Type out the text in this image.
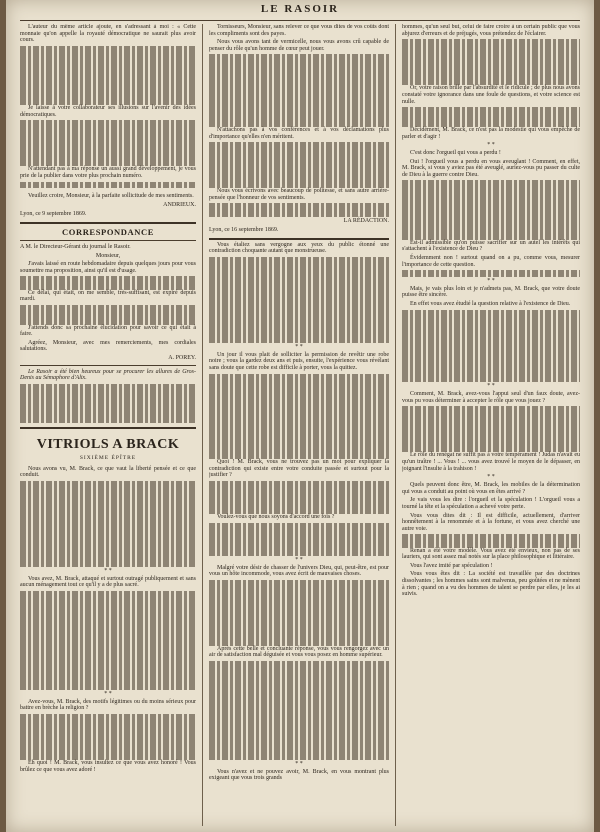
LE RASOIR

L'auteur du même article ajoute, en s'adressant à moi : « Cette monnaie qu'on appelle la royauté démocratique ne saurait plus avoir cours.

Je laisse à votre collaborateur ses illusions sur l'avenir des idées démocratiques.

N'attendant pas à ma réponse un aussi grand développement, je vous prie de la publier dans votre plus prochain numéro.

Veuillez croire, Monsieur, à la parfaite sollicitude de mes sentiments.

ANDRIEUX.
Lyon, ce 9 septembre 1869.
CORRESPONDANCE
A M. le Directeur-Gérant du journal le Rasoir.
Monsieur,

J'avais laissé en route hebdomadaire depuis quelques jours pour vous soumettre ma proposition, ainsi qu'il est d'usage.

Ce délai, qui était, on me semble, très-suffisant, est expiré depuis mardi.

J'attends donc sa prochaine élucidation pour savoir ce qui était à faire.

Agréez, Monsieur, avec mes remerciements, mes cordiales salutations.

A. POREY.

Le Rasoir a été bien heureux pour se procurer les allures de Gros-Denis au Sémaphore d'Alix.

VITRIOLS A BRACK
SIXIÈME ÉPÎTRE

Nous avons vu, M. Brack, ce que vaut la liberté pensée et ce que conduit.

* *

Vous avez, M. Brack, attaqué et surtout outragé publiquement et sans aucun ménagement tout ce qu'il y a de plus sacré.

* *

Avez-vous, M. Brack, des motifs légitimes ou du moins sérieux pour battre en brèche la religion ?

Eh quoi ! M. Brack, vous insultez ce que vous avez honoré ! Vous brûlez ce que vous avez adoré !

Tornisseurs, Monsieur, sans relever ce que vous dites de vos coûts dont les compliments sont des payes.

Nous vous avons tant de vermicelle, nous vous avons crû capable de penser du rôle qu'un homme de cœur peut jouer.

N'attachons pas à vos conférences et à vos déclamations plus d'importance qu'elles n'en méritent.

Nous vous écrivons avec beaucoup de politesse, et sans autre arrière-pensée que l'honneur de vos sentiments.

LA RÉDACTION.
Lyon, ce 16 septembre 1869.

Vous étaliez sans vergogne aux yeux du public étonné une contradiction choquante autant que monstrueuse.

* *

Un jour il vous plait de solliciter la permission de revêtir une robe noire ; vous la gardez deux ans et puis, ensuite, l'expérience vous révélant sans doute que cette robe est difficile à porter, vous la quittez.

Quoi ! M. Brack, vous ne trouvez pas un mot pour expliquer la contradiction qui existe entre votre conduite passée et surtout pour la justifier ?

Voulez-vous que nous soyons d'accord une fois ?

* *

Malgré votre désir de chasser de l'univers Dieu, qui, peut-être, est pour vous un hôte incommode, vous avez écrit de mauvaises choses.

Après cette belle et concluante réponse, vous vous rengorgez avec un air de satisfaction mal déguisée et vous vous posez en homme supérieur.

* *

Vous n'avez et ne pouvez avoir, M. Brack, en vous montrant plus exigeant que vous trois grands

hommes, qu'un seul but, celui de faire croire à un certain public que vous abjurez d'erreurs et de préjugés, vous prétendez de l'éclairer.

Or, votre raison brille par l'absurdité et le ridicule ; de plus nous avons constaté votre ignorance dans une foule de questions, et votre science est nulle.

Décidément, M. Brack, ce n'est pas la modestie qui vous empêche de parler et d'agir !

* *

C'est donc l'orgueil qui vous a perdu !

Oui ! l'orgueil vous a perdu en vous aveuglant ! Comment, en effet, M. Brack, si vous y aviez pas été aveuglé, auriez-vous pu passer du culte de Dieu à la guerre contre Dieu.

Est-il admissible qu'on puisse sacrifier sur un autel les intérêts qui s'attachent à l'existence de Dieu ?

Évidemment non ! surtout quand on a pu, comme vous, mesurer l'importance de cette question.

* *

Mais, je vais plus loin et je n'admets pas, M. Brack, que votre doute puisse être sincère.

En effet vous avez étudié la question relative à l'existence de Dieu.

* *

Comment, M. Brack, avez-vous l'appui seul d'un faux doute, avez-vous pu vous déterminer à accepter le rôle que vous jouez ?

Le rôle du renégat ne suffit pas à votre tempérament ! Judas n'avait eu qu'un traître ! ... Vous ! ... vous avez trouvé le moyen de le dépasser, en joignant l'insulte à la trahison !

* *

Quels peuvent donc être, M. Brack, les mobiles de la détermination qui vous a conduit au point où vous en êtes arrivé ?

Je vais vous les dire : l'orgueil et la spéculation ! L'orgueil vous a tourné la tête et la spéculation a achevé votre perte.

Vous vous dites dit : Il est difficile, actuellement, d'arriver honnêtement à la renommée et à la fortune, et vous avez cherché une autre voie.

Renan a été votre modèle. Vous avez été envieux, non pas de ses lauriers, qui sont assez mal notés sur la place philosophique et littéraire.

Vous l'avez imité par spéculation !

Vous vous êtes dit : La société est travaillée par des doctrines dissolvantes ; les hommes sains sont malvenus, peu goûtées et ne mènent à rien ; quand on a vu des hommes de talent se perdre par elles, je les ai suivis.
